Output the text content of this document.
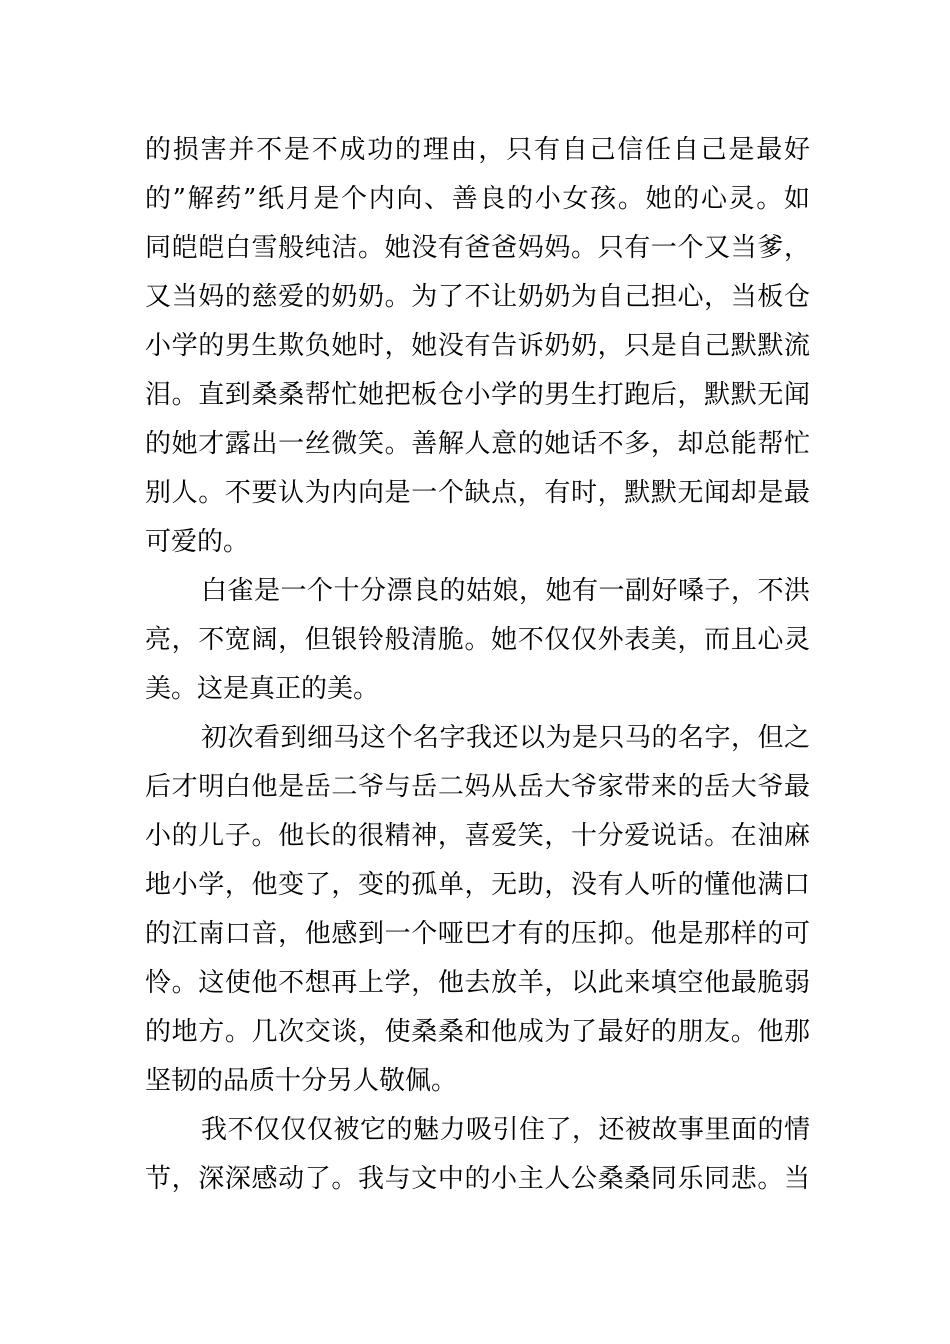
的损害并不是不成功的理由，只有自己信任自己是最好
的”解药”纸月是个内向、善良的小女孩。她的心灵。如
同皑皑白雪般纯洁。她没有爸爸妈妈。只有一个又当爹，
又当妈的慈爱的奶奶。为了不让奶奶为自己担心，当板仓
小学的男生欺负她时，她没有告诉奶奶，只是自己默默流
泪。直到桑桑帮忙她把板仓小学的男生打跑后，默默无闻
的她才露出一丝微笑。善解人意的她话不多，却总能帮忙
别人。不要认为内向是一个缺点，有时，默默无闻却是最
可爱的。
白雀是一个十分漂良的姑娘，她有一副好嗓子，不洪
亮，不宽阔，但银铃般清脆。她不仅仅外表美，而且心灵
美。这是真正的美。
初次看到细马这个名字我还以为是只马的名字，但之
后才明白他是岳二爷与岳二妈从岳大爷家带来的岳大爷最
小的儿子。他长的很精神，喜爱笑，十分爱说话。在油麻
地小学，他变了，变的孤单，无助，没有人听的懂他满口
的江南口音，他感到一个哑巴才有的压抑。他是那样的可
怜。这使他不想再上学，他去放羊，以此来填空他最脆弱
的地方。几次交谈，使桑桑和他成为了最好的朋友。他那
坚韧的品质十分另人敬佩。
我不仅仅仅被它的魅力吸引住了，还被故事里面的情
节，深深感动了。我与文中的小主人公桑桑同乐同悲。当
